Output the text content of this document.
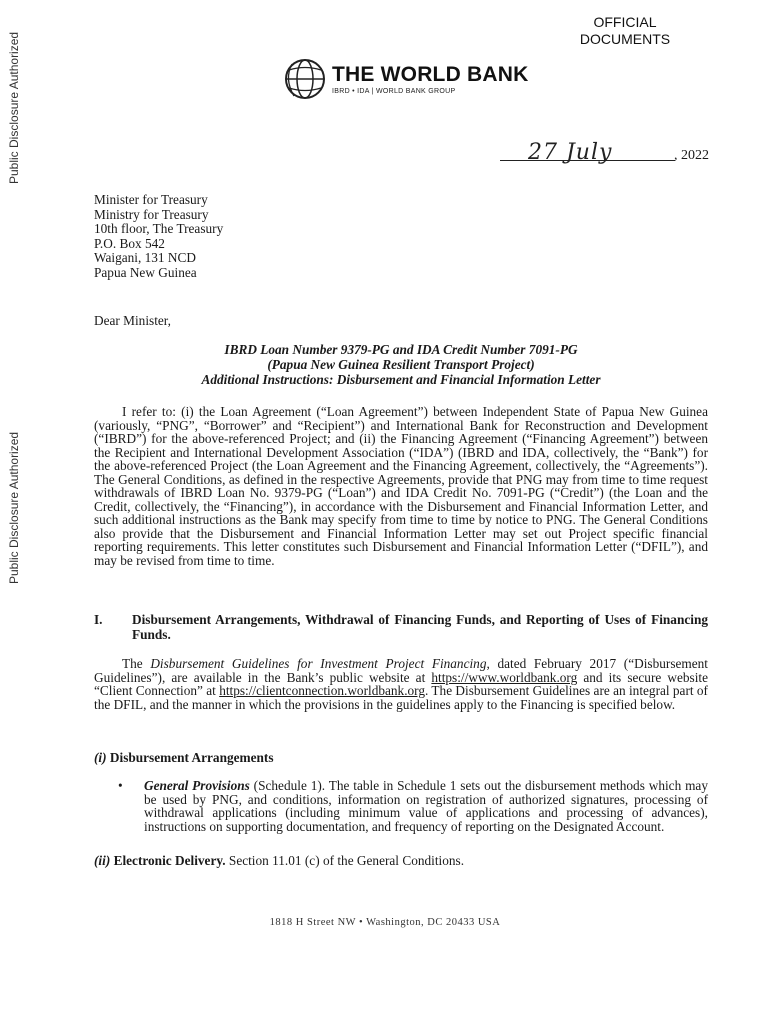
Public Disclosure Authorized
Public Disclosure Authorized
OFFICIAL
DOCUMENTS
THE WORLD BANK
IBRD • IDA | WORLD BANK GROUP
27 July	, 2022
Minister for Treasury
Ministry for Treasury
10th floor, The Treasury
P.O. Box 542
Waigani, 131 NCD
Papua New Guinea
Dear Minister,
IBRD Loan Number 9379-PG and IDA Credit Number 7091-PG
(Papua New Guinea Resilient Transport Project)
Additional Instructions: Disbursement and Financial Information Letter
I refer to: (i) the Loan Agreement (“Loan Agreement”) between Independent State of Papua New Guinea (variously, “PNG”, “Borrower” and “Recipient”) and International Bank for Reconstruction and Development (“IBRD”) for the above-referenced Project; and (ii) the Financing Agreement (“Financing Agreement”) between the Recipient and International Development Association (“IDA”) (IBRD and IDA, collectively, the “Bank”) for the above-referenced Project (the Loan Agreement and the Financing Agreement, collectively, the “Agreements”). The General Conditions, as defined in the respective Agreements, provide that PNG may from time to time request withdrawals of IBRD Loan No. 9379-PG (“Loan”) and IDA Credit No. 7091-PG (“Credit”) (the Loan and the Credit, collectively, the “Financing”), in accordance with the Disbursement and Financial Information Letter, and such additional instructions as the Bank may specify from time to time by notice to PNG. The General Conditions also provide that the Disbursement and Financial Information Letter may set out Project specific financial reporting requirements. This letter constitutes such Disbursement and Financial Information Letter (“DFIL”), and may be revised from time to time.
I. Disbursement Arrangements, Withdrawal of Financing Funds, and Reporting of Uses of Financing Funds.
The Disbursement Guidelines for Investment Project Financing, dated February 2017 (“Disbursement Guidelines”), are available in the Bank’s public website at https://www.worldbank.org and its secure website “Client Connection” at https://clientconnection.worldbank.org. The Disbursement Guidelines are an integral part of the DFIL, and the manner in which the provisions in the guidelines apply to the Financing is specified below.
(i) Disbursement Arrangements
• General Provisions (Schedule 1). The table in Schedule 1 sets out the disbursement methods which may be used by PNG, and conditions, information on registration of authorized signatures, processing of withdrawal applications (including minimum value of applications and processing of advances), instructions on supporting documentation, and frequency of reporting on the Designated Account.
(ii) Electronic Delivery. Section 11.01 (c) of the General Conditions.
1818 H Street NW • Washington, DC 20433 USA
